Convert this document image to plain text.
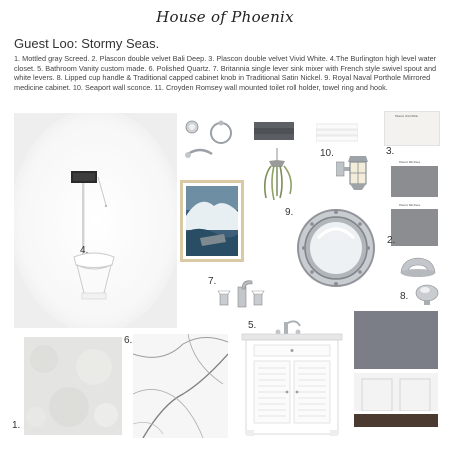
House of Phoenix
Guest Loo: Stormy Seas.
1. Mottled gray Screed. 2. Plascon double velvet Bali Deep. 3. Plascon double velvet Vivid White. 4.The Burlington high level water closet. 5. Bathroom Vanity custom made. 6. Polished Quartz. 7. Britannia single lever sink mixer with French style swivel spout and white levers. 8. Lipped cup handle & Traditional capped cabinet knob in Traditional Satin Nickel. 9. Royal Naval Porthole Mirrored medicine cabinet. 10. Seaport wall sconce. 11. Croyden Romsey wall mounted toilet roll holder, towel ring and hook.
4.
10.
Plascon Vivid White
3.
Plascon Bali Deep
Plascon Bali Deep
2.
9.
7.
8.
1.
6.
5.
